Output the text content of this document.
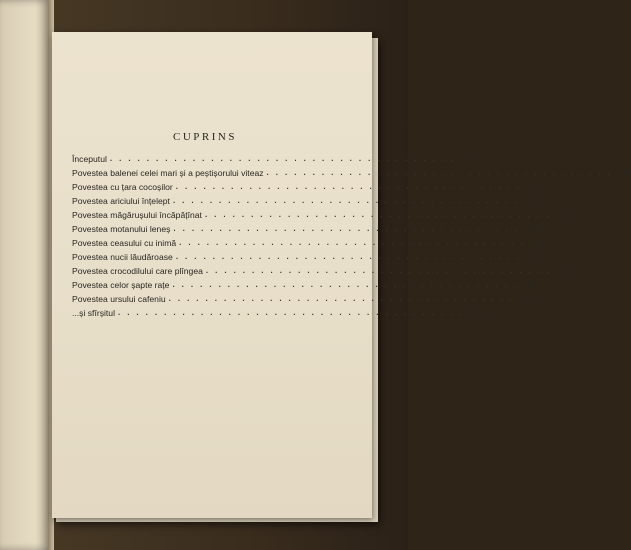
CUPRINS
Începutul ......................................	5
Povestea balenei celei mari și a peștișorului viteaz ......................................	9
Povestea cu țara cocoșilor ...................................... 17
Povestea ariciului înțelept ...................................... 25
Povestea măgărușului încăpățînat ...................................... 33
Povestea motanului leneș ...................................... 38
Povestea ceasului cu inimă ...................................... 45
Povestea nucii lăudăroase ...................................... 52
Povestea crocodilului care plîngea ...................................... 57
Povestea celor șapte rațe ...................................... 62
Povestea ursului cafeniu ...................................... 67
...și sfîrșitul ...................................... 74
